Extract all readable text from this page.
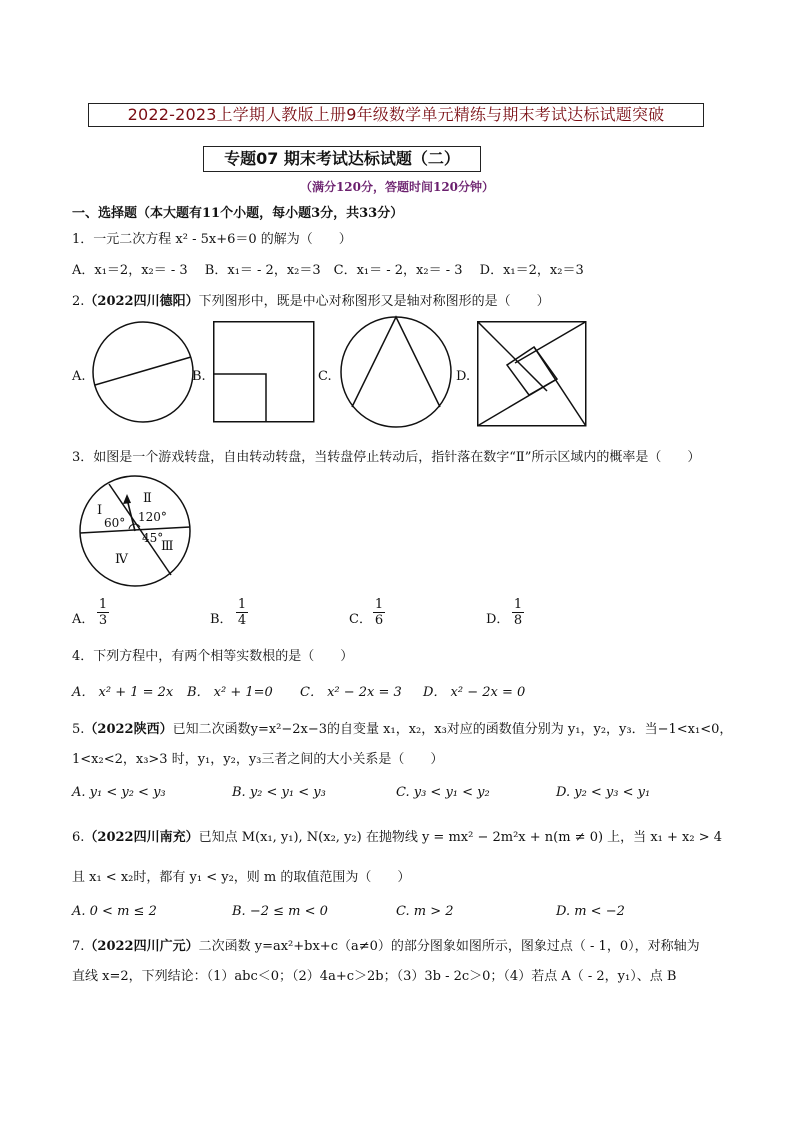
2022-2023上学期人教版上册9年级数学单元精练与期末考试达标试题突破
专题07 期末考试达标试题（二）
（满分120分，答题时间120分钟）
一、选择题（本大题有11个小题，每小题3分，共33分）
1．一元二次方程 x² - 5x+6＝0 的解为（　　）
A．x₁＝2，x₂＝ - 3　 B．x₁＝ - 2，x₂＝3　C．x₁＝ - 2，x₂＝ - 3　 D．x₁＝2，x₂＝3
2.（2022四川德阳）下列图形中，既是中心对称图形又是轴对称图形的是（　　）
A.	B.	C.	D.
3．如图是一个游戏转盘，自由转动转盘，当转盘停止转动后，指针落在数字“Ⅱ”所示区域内的概率是（　　）
Ⅰ
Ⅱ
Ⅲ
Ⅳ
60° 120°
45°
A．
1
3	B．
1
4	C．
1
6	D．
1
8
4．下列方程中，有两个相等实数根的是（　　）
A． x² + 1 = 2x B． x² + 1=0 C． x² − 2x = 3 D． x² − 2x = 0
5.（2022陕西）已知二次函数y=x²−2x−3的自变量 x₁，x₂，x₃对应的函数值分别为 y₁，y₂，y₃．当−1<x₁<0，
1<x₂<2，x₃>3 时，y₁，y₂，y₃三者之间的大小关系是（　　）
A. y₁ < y₂ < y₃	B. y₂ < y₁ < y₃	C. y₃ < y₁ < y₂	D. y₂ < y₃ < y₁
6.（2022四川南充）已知点 M(x₁, y₁), N(x₂, y₂) 在抛物线 y = mx² − 2m²x + n(m ≠ 0) 上，当 x₁ + x₂ > 4
且 x₁ < x₂时，都有 y₁ < y₂，则 m 的取值范围为（　　）
A. 0 < m ≤ 2	B. −2 ≤ m < 0	C. m > 2	D. m < −2
7.（2022四川广元）二次函数 y=ax²+bx+c（a≠0）的部分图象如图所示，图象过点（ - 1，0），对称轴为
直线 x=2，下列结论：（1）abc＜0；（2）4a+c＞2b；（3）3b - 2c＞0；（4）若点 A（ - 2，y₁）、点 B
